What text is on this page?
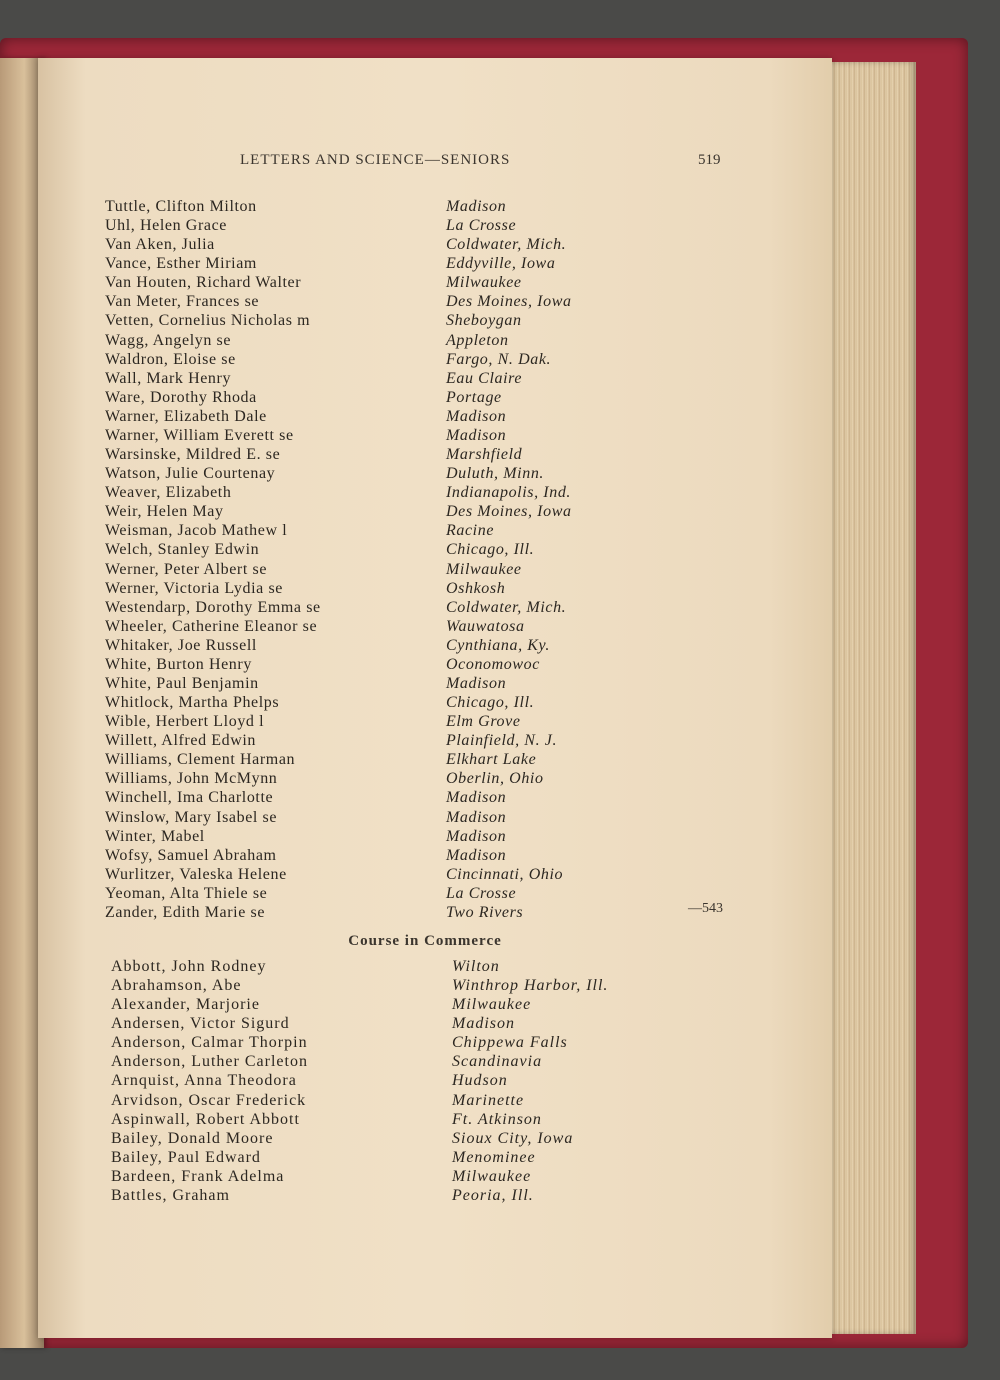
LETTERS AND SCIENCE—SENIORS	519
Tuttle, Clifton Milton	Madison
Uhl, Helen Grace	La Crosse
Van Aken, Julia	Coldwater, Mich.
Vance, Esther Miriam	Eddyville, Iowa
Van Houten, Richard Walter	Milwaukee
Van Meter, Frances se	Des Moines, Iowa
Vetten, Cornelius Nicholas m	Sheboygan
Wagg, Angelyn se	Appleton
Waldron, Eloise se	Fargo, N. Dak.
Wall, Mark Henry	Eau Claire
Ware, Dorothy Rhoda	Portage
Warner, Elizabeth Dale	Madison
Warner, William Everett se	Madison
Warsinske, Mildred E. se	Marshfield
Watson, Julie Courtenay	Duluth, Minn.
Weaver, Elizabeth	Indianapolis, Ind.
Weir, Helen May	Des Moines, Iowa
Weisman, Jacob Mathew l	Racine
Welch, Stanley Edwin	Chicago, Ill.
Werner, Peter Albert se	Milwaukee
Werner, Victoria Lydia se	Oshkosh
Westendarp, Dorothy Emma se	Coldwater, Mich.
Wheeler, Catherine Eleanor se	Wauwatosa
Whitaker, Joe Russell	Cynthiana, Ky.
White, Burton Henry	Oconomowoc
White, Paul Benjamin	Madison
Whitlock, Martha Phelps	Chicago, Ill.
Wible, Herbert Lloyd l	Elm Grove
Willett, Alfred Edwin	Plainfield, N. J.
Williams, Clement Harman	Elkhart Lake
Williams, John McMynn	Oberlin, Ohio
Winchell, Ima Charlotte	Madison
Winslow, Mary Isabel se	Madison
Winter, Mabel	Madison
Wofsy, Samuel Abraham	Madison
Wurlitzer, Valeska Helene	Cincinnati, Ohio
Yeoman, Alta Thiele se	La Crosse
Zander, Edith Marie se	Two Rivers	—543
Course in Commerce
Abbott, John Rodney	Wilton
Abrahamson, Abe	Winthrop Harbor, Ill.
Alexander, Marjorie	Milwaukee
Andersen, Victor Sigurd	Madison
Anderson, Calmar Thorpin	Chippewa Falls
Anderson, Luther Carleton	Scandinavia
Arnquist, Anna Theodora	Hudson
Arvidson, Oscar Frederick	Marinette
Aspinwall, Robert Abbott	Ft. Atkinson
Bailey, Donald Moore	Sioux City, Iowa
Bailey, Paul Edward	Menominee
Bardeen, Frank Adelma	Milwaukee
Battles, Graham	Peoria, Ill.
